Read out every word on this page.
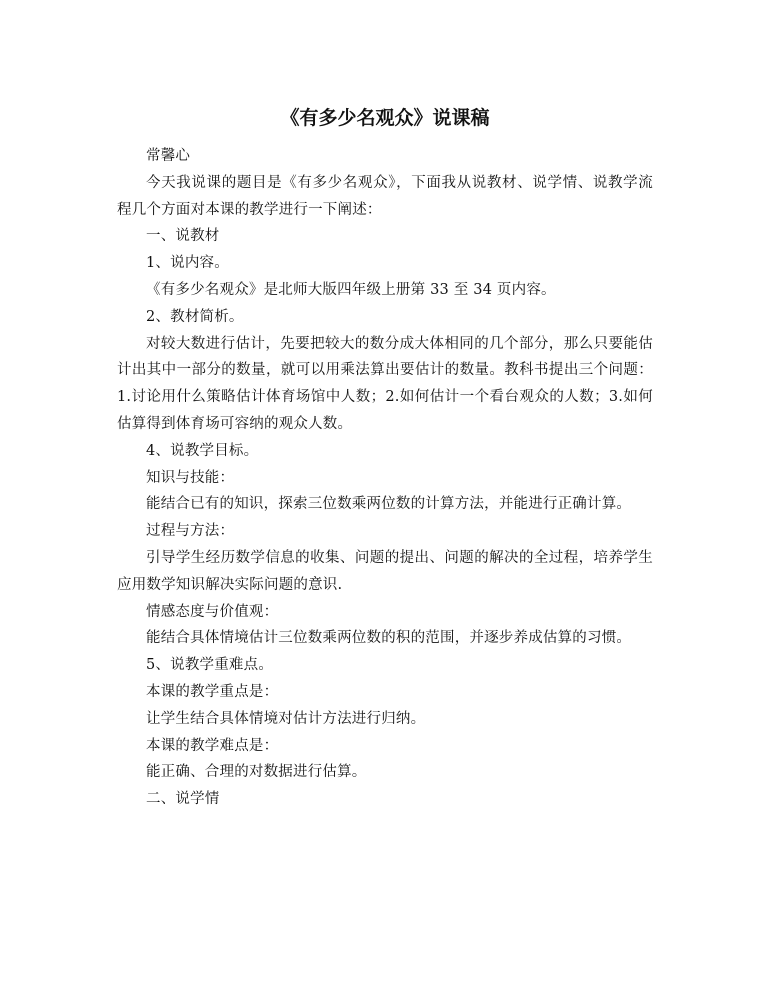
《有多少名观众》说课稿

常馨心

今天我说课的题目是《有多少名观众》，下面我从说教材、说学情、说教学流程几个方面对本课的教学进行一下阐述：

一、说教材

1、说内容。

《有多少名观众》是北师大版四年级上册第 33 至 34 页内容。

2、教材简析。

对较大数进行估计，先要把较大的数分成大体相同的几个部分，那么只要能估计出其中一部分的数量，就可以用乘法算出要估计的数量。教科书提出三个问题：1.讨论用什么策略估计体育场馆中人数；2.如何估计一个看台观众的人数；3.如何估算得到体育场可容纳的观众人数。

4、说教学目标。

知识与技能：

能结合已有的知识，探索三位数乘两位数的计算方法，并能进行正确计算。

过程与方法：

引导学生经历数学信息的收集、问题的提出、问题的解决的全过程，培养学生应用数学知识解决实际问题的意识.

情感态度与价值观：

能结合具体情境估计三位数乘两位数的积的范围，并逐步养成估算的习惯。

5、说教学重难点。

本课的教学重点是：

让学生结合具体情境对估计方法进行归纳。

本课的教学难点是：

能正确、合理的对数据进行估算。

二、说学情
